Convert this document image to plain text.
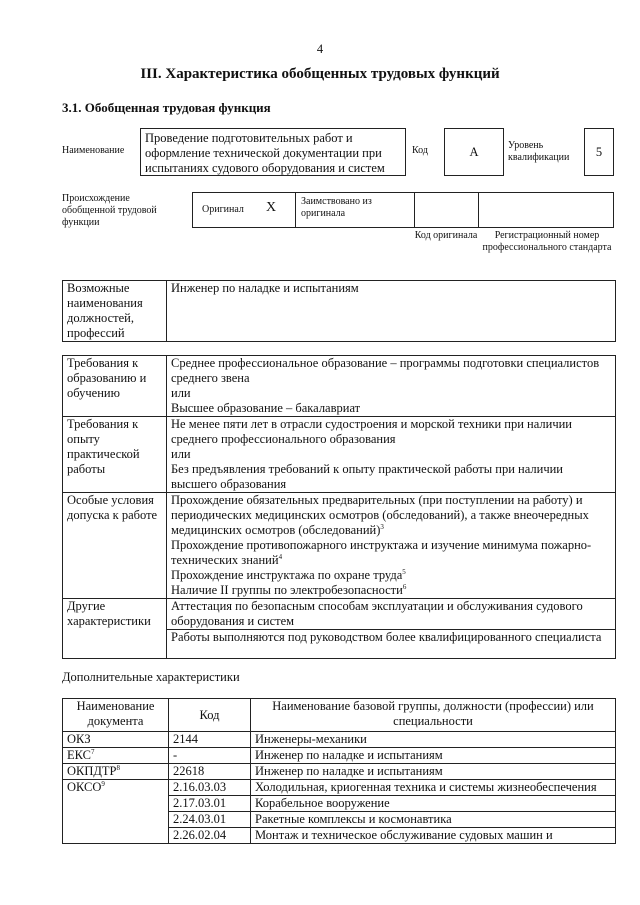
4
III. Характеристика обобщенных трудовых функций
3.1. Обобщенная трудовая функция
Наименование
Проведение подготовительных работ и оформление технической документации при испытаниях судового оборудования и систем
Код	А	Уровень квалификации	5
Происхождение обобщенной трудовой функции
Оригинал X Заимствовано из оригинала
Код оригинала	Регистрационный номер профессионального стандарта
Возможные наименования должностей, профессий	Инженер по наладке и испытаниям
Требования к образованию и обучению	Среднее профессиональное образование – программы подготовки специалистов среднего звена
или
Высшее образование – бакалавриат

Требования к опыту практической работы	Не менее пяти лет в отрасли судостроения и морской техники при наличии среднего профессионального образования
или
Без предъявления требований к опыту практической работы при наличии высшего образования

Особые условия допуска к работе	Прохождение обязательных предварительных (при поступлении на работу) и периодических медицинских осмотров (обследований), а также внеочередных медицинских осмотров (обследований)$^3$
Прохождение противопожарного инструктажа и изучение минимума пожарно-технических знаний$^4$
Прохождение инструктажа по охране труда$^5$
Наличие II группы по электробезопасности$^6$

Другие характеристики	Аттестация по безопасным способам эксплуатации и обслуживания судового оборудования и систем
Работы выполняются под руководством более квалифицированного специалиста
Дополнительные характеристики
Наименование документа	Код	Наименование базовой группы, должности (профессии) или специальности
ОКЗ	2144	Инженеры-механики
ЕКС$^7$	-	Инженер по наладке и испытаниям
ОКПДТР$^8$	22618	Инженер по наладке и испытаниям
ОКСО$^9$	2.16.03.03	Холодильная, криогенная техника и системы жизнеобеспечения
	2.17.03.01	Корабельное вооружение
	2.24.03.01	Ракетные комплексы и космонавтика
	2.26.02.04	Монтаж и техническое обслуживание судовых машин и
